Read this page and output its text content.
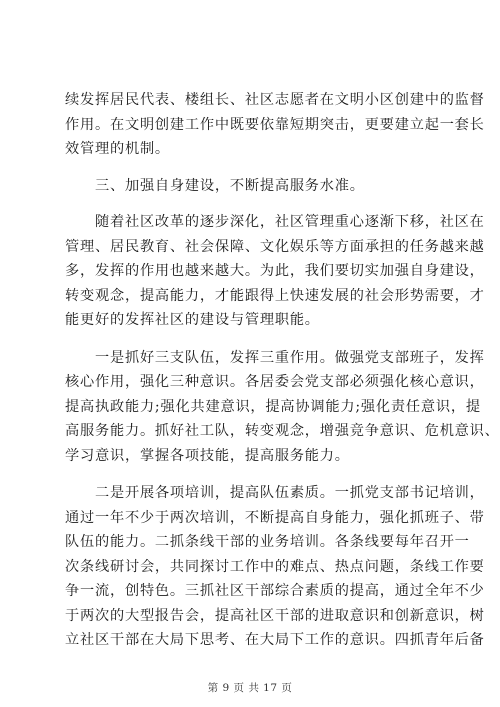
续发挥居民代表、楼组长、社区志愿者在文明小区创建中的监督
作用。在文明创建工作中既要依靠短期突击，更要建立起一套长
效管理的机制。
　　三、加强自身建设，不断提高服务水准。
　　随着社区改革的逐步深化，社区管理重心逐渐下移，社区在
管理、居民教育、社会保障、文化娱乐等方面承担的任务越来越
多，发挥的作用也越来越大。为此，我们要切实加强自身建设，
转变观念，提高能力，才能跟得上快速发展的社会形势需要，才
能更好的发挥社区的建设与管理职能。
　　一是抓好三支队伍，发挥三重作用。做强党支部班子，发挥
核心作用，强化三种意识。各居委会党支部必须强化核心意识，
提高执政能力;强化共建意识，提高协调能力;强化责任意识，提
高服务能力。抓好社工队，转变观念，增强竞争意识、危机意识、
学习意识，掌握各项技能，提高服务能力。
　　二是开展各项培训，提高队伍素质。一抓党支部书记培训，
通过一年不少于两次培训，不断提高自身能力，强化抓班子、带
队伍的能力。二抓条线干部的业务培训。各条线要每年召开一
次条线研讨会，共同探讨工作中的难点、热点问题，条线工作要
争一流，创特色。三抓社区干部综合素质的提高，通过全年不少
于两次的大型报告会，提高社区干部的进取意识和创新意识，树
立社区干部在大局下思考、在大局下工作的意识。四抓青年后备
第 9 页 共 17 页
